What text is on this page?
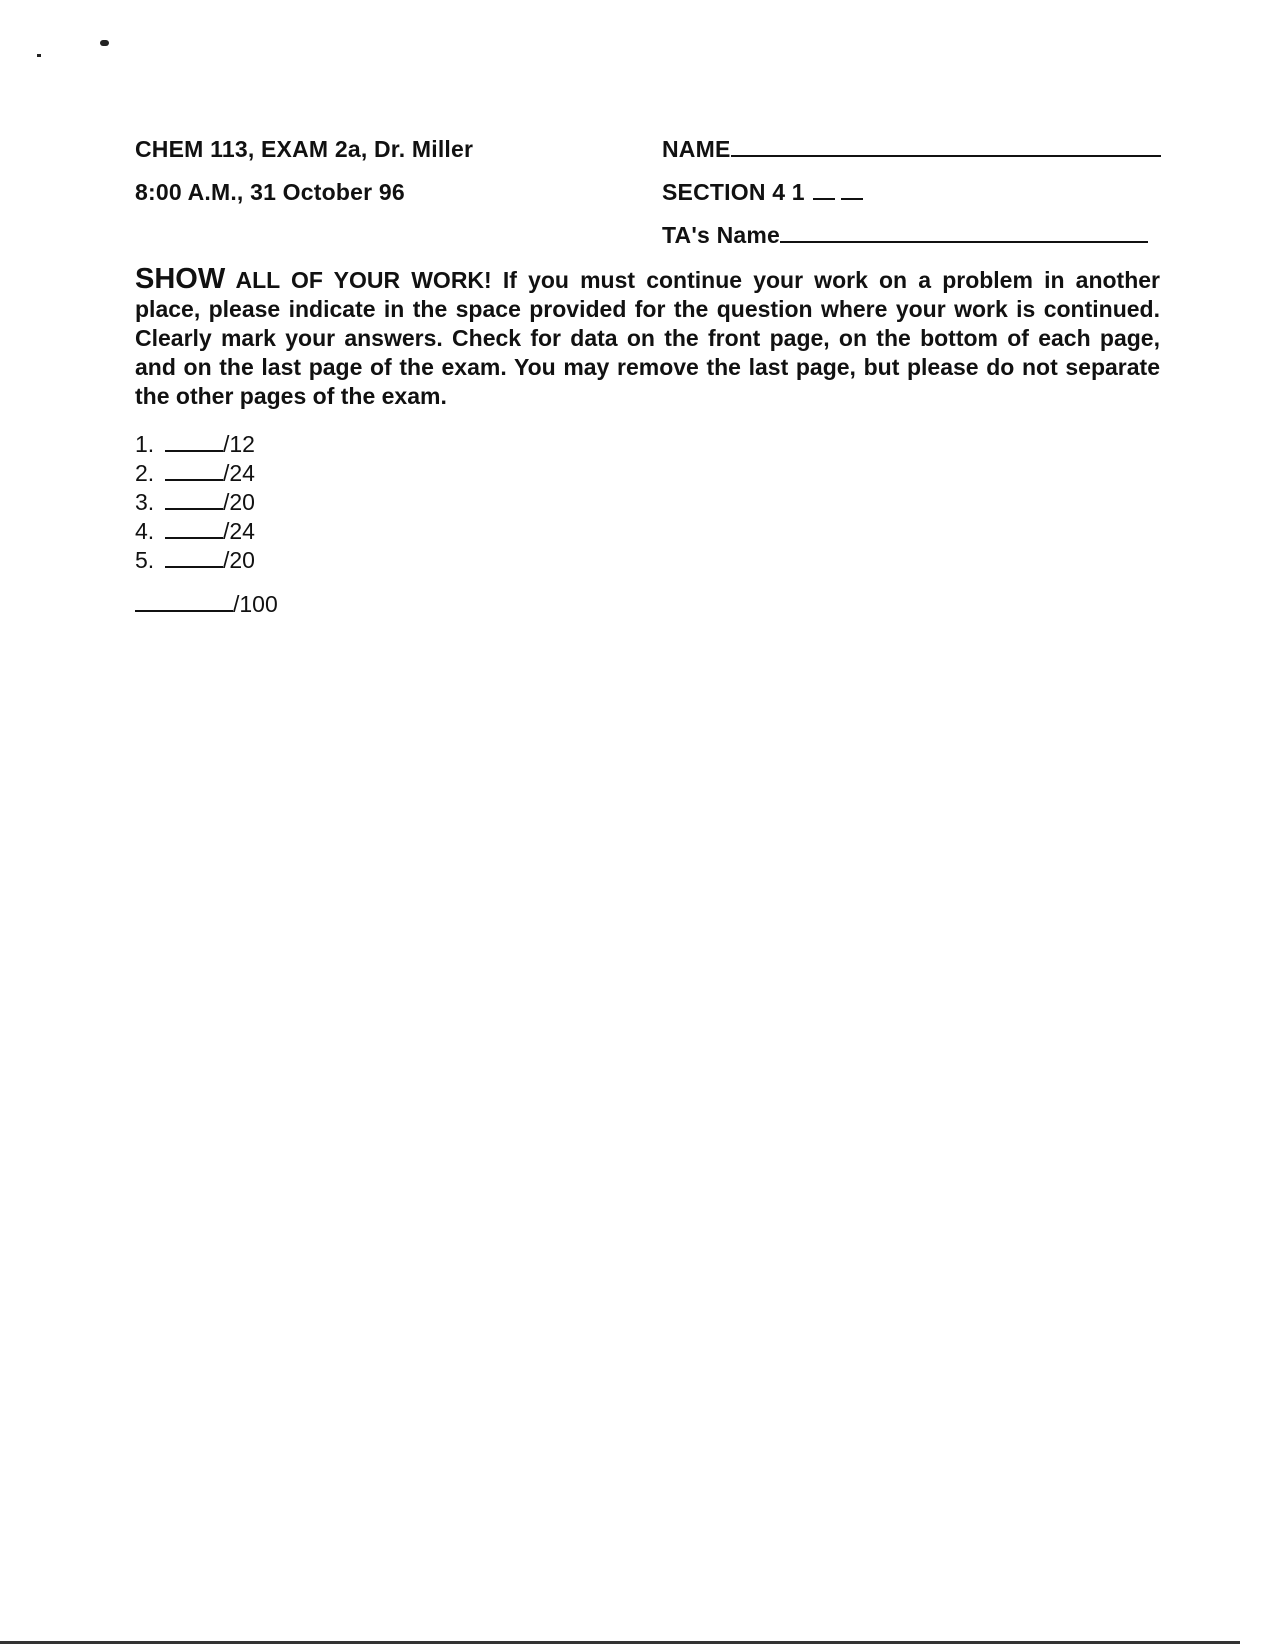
CHEM 113, EXAM 2a, Dr. Miller
8:00 A.M., 31 October 96
NAME
SECTION 4 1
TA's Name
SHOW ALL OF YOUR WORK! If you must continue your work on a problem in another place, please indicate in the space provided for the question where your work is continued. Clearly mark your answers. Check for data on the front page, on the bottom of each page, and on the last page of the exam. You may remove the last page, but please do not separate the other pages of the exam.
1.	/12
2.	/24
3.	/20
4.	/24
5.	/20
/100
